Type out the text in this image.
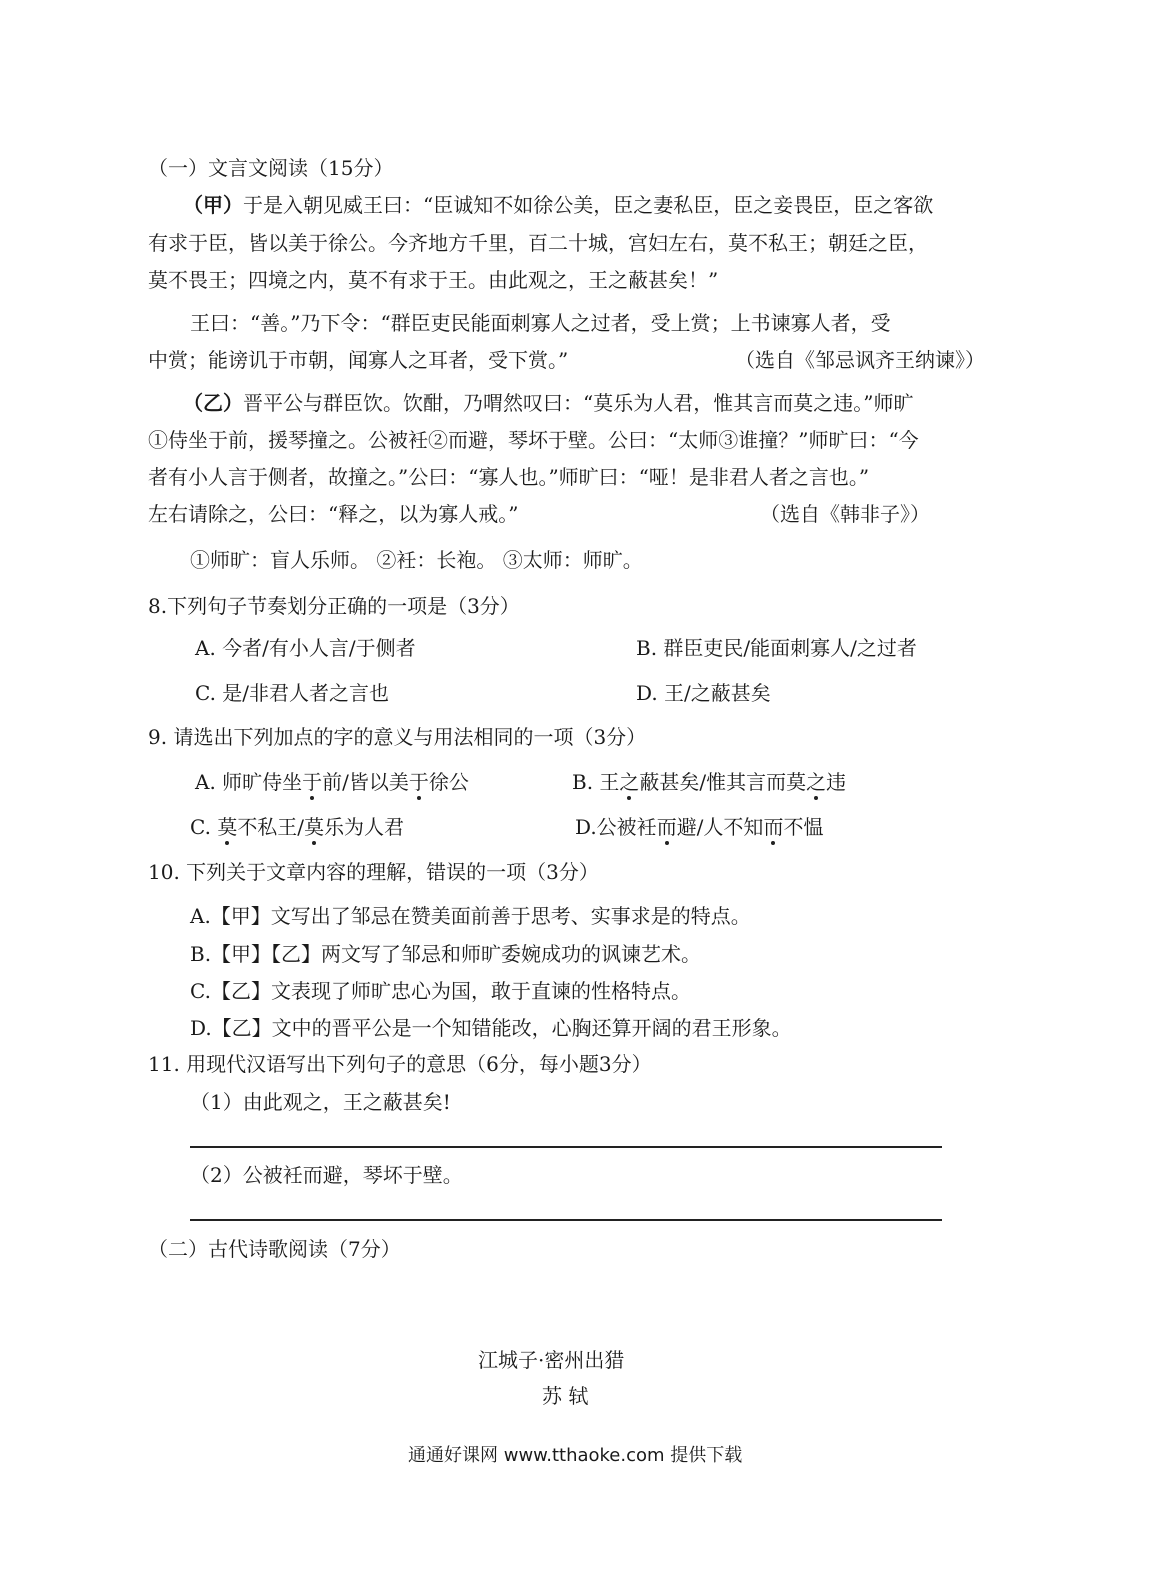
（一）文言文阅读（15分）
（甲）于是入朝见威王曰：“臣诚知不如徐公美，臣之妻私臣，臣之妾畏臣，臣之客欲
有求于臣，皆以美于徐公。今齐地方千里，百二十城，宫妇左右，莫不私王；朝廷之臣，
莫不畏王；四境之内，莫不有求于王。由此观之，王之蔽甚矣！”
王曰：“善。”乃下令：“群臣吏民能面刺寡人之过者，受上赏；上书谏寡人者，受
中赏；能谤讥于市朝，闻寡人之耳者，受下赏。”	（选自《邹忌讽齐王纳谏》）
（乙）晋平公与群臣饮。饮酣，乃喟然叹曰：“莫乐为人君，惟其言而莫之违。”师旷
①侍坐于前，援琴撞之。公被衽②而避，琴坏于壁。公曰：“太师③谁撞？”师旷曰：“今
者有小人言于侧者，故撞之。”公曰：“寡人也。”师旷曰：“哑！是非君人者之言也。”
左右请除之，公曰：“释之，以为寡人戒。”	（选自《韩非子》）
①师旷：盲人乐师。 ②衽：长袍。 ③太师：师旷。
8.下列句子节奏划分正确的一项是（3分）
A. 今者/有小人言/于侧者	B. 群臣吏民/能面刺寡人/之过者
C. 是/非君人者之言也	D. 王/之蔽甚矣
9. 请选出下列加点的字的意义与用法相同的一项（3分）
A. 师旷侍坐于前/皆以美于徐公	B. 王之蔽甚矣/惟其言而莫之违
C. 莫不私王/莫乐为人君	D.公被衽而避/人不知而不愠
10. 下列关于文章内容的理解，错误的一项（3分）
A.【甲】文写出了邹忌在赞美面前善于思考、实事求是的特点。
B.【甲】【乙】两文写了邹忌和师旷委婉成功的讽谏艺术。
C.【乙】文表现了师旷忠心为国，敢于直谏的性格特点。
D.【乙】文中的晋平公是一个知错能改，心胸还算开阔的君王形象。
11. 用现代汉语写出下列句子的意思（6分，每小题3分）
（1）由此观之，王之蔽甚矣!
（2）公被衽而避，琴坏于壁。
（二）古代诗歌阅读（7分）
江城子·密州出猎
苏 轼
通通好课网 www.tthaoke.com 提供下载
